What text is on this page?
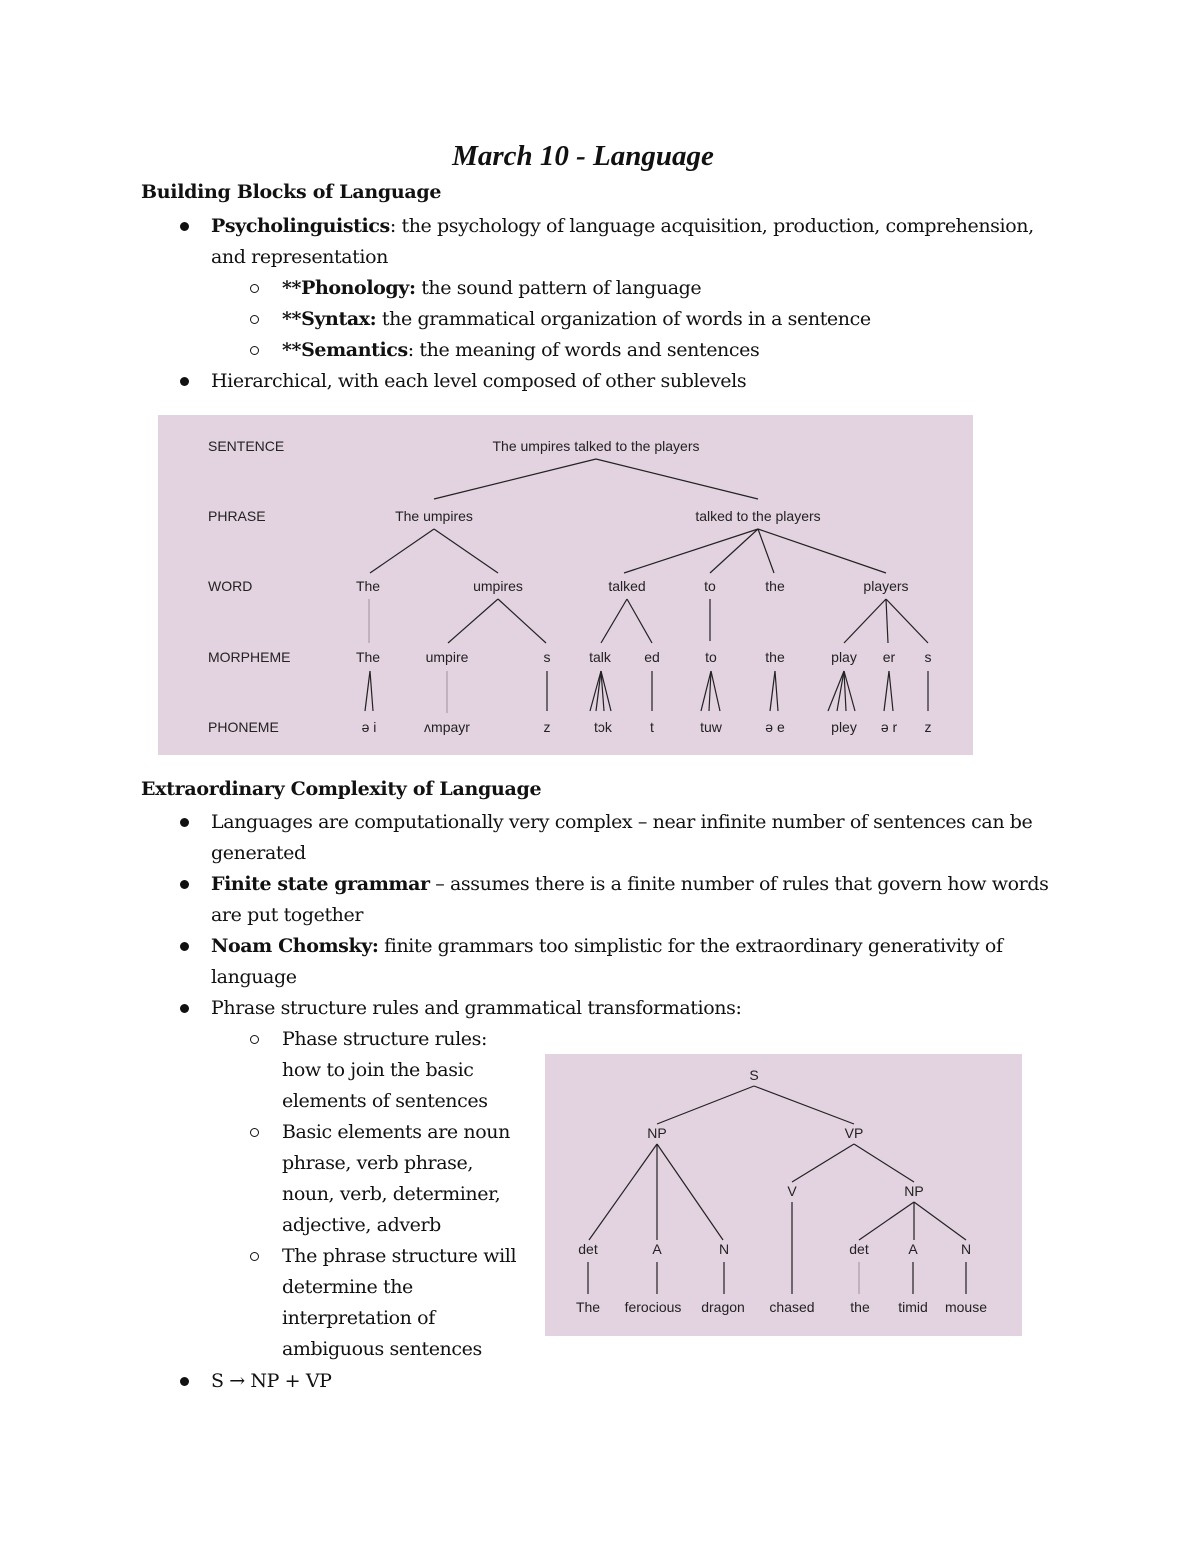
March 10 - Language
Building Blocks of Language
Psycholinguistics: the psychology of language acquisition, production, comprehension, and representation
**Phonology: the sound pattern of language
**Syntax: the grammatical organization of words in a sentence
**Semantics: the meaning of words and sentences
Hierarchical, with each level composed of other sublevels
SENTENCE
PHRASE
WORD
MORPHEME
PHONEME
The umpires talked to the players
The umpires	talked to the players
The	umpires	talked	to	the	players
The	umpire	s	talk ed	to	the	play er s
ǝ i	ʌmpayr	z	tɔk	t	tuw	ǝ e	pley ǝ r z
Extraordinary Complexity of Language
Languages are computationally very complex – near infinite number of sentences can be generated
Finite state grammar – assumes there is a finite number of rules that govern how words are put together
Noam Chomsky: finite grammars too simplistic for the extraordinary generativity of language
Phrase structure rules and grammatical transformations:
Phase structure rules: how to join the basic elements of sentences
Basic elements are noun phrase, verb phrase, noun, verb, determiner, adjective, adverb
The phrase structure will determine the interpretation of ambiguous sentences
S → NP + VP
S
NP	VP
V	NP
det	A	N	det	A	N
The ferocious dragon chased	the timid mouse
